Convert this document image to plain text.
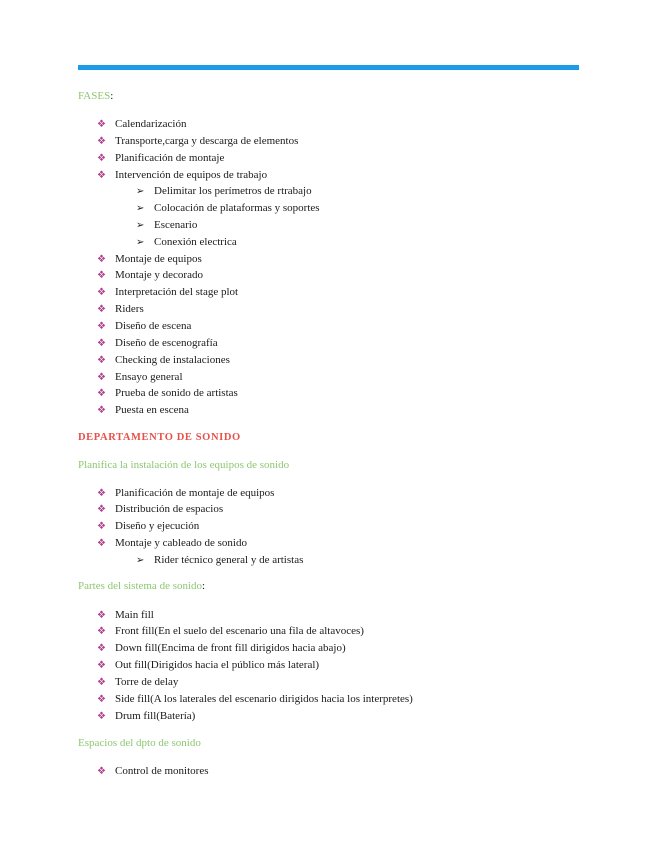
FASES:
❖ Calendarización
❖ Transporte,carga y descarga de elementos
❖ Planificación de montaje
❖ Intervención de equipos de trabajo
➢ Delimitar los perímetros de rtrabajo
➢ Colocación de plataformas y soportes
➢ Escenario
➢ Conexión electrica
❖ Montaje de equipos
❖ Montaje y decorado
❖ Interpretación del stage plot
❖ Riders
❖ Diseño de escena
❖ Diseño de escenografía
❖ Checking de instalaciones
❖ Ensayo general
❖ Prueba de sonido de artistas
❖ Puesta en escena
DEPARTAMENTO DE SONIDO
Planifica la instalación de los equipos de sonido
❖ Planificación de montaje de equipos
❖ Distribución de espacios
❖ Diseño y ejecución
❖ Montaje y cableado de sonido
➢ Rider técnico general y de artistas
Partes del sistema de sonido:
❖ Main fill
❖ Front fill(En el suelo del escenario una fila de altavoces)
❖ Down fill(Encima de front fill dirigidos hacia abajo)
❖ Out fill(Dirigidos hacia el público más lateral)
❖ Torre de delay
❖ Side fill(A los laterales del escenario dirigidos hacia los interpretes)
❖ Drum fill(Batería)
Espacios del dpto de sonido
❖ Control de monitores
